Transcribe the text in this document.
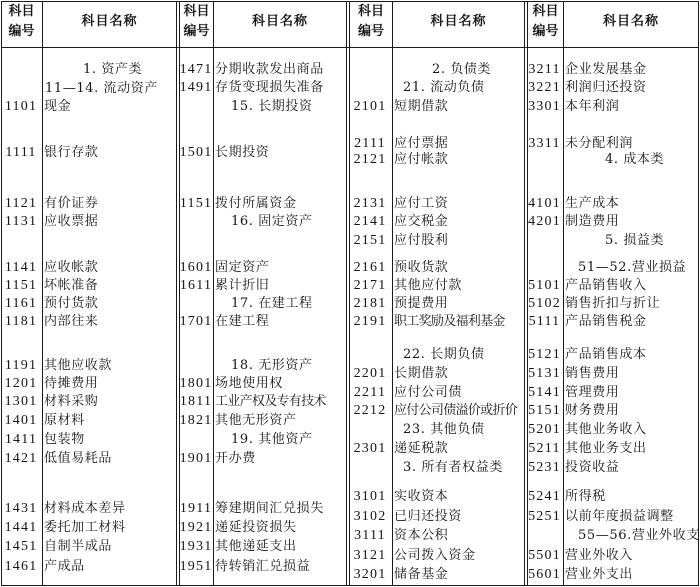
科目
编号
科目名称
科目
编号
科目名称
科目
编号
科目名称
科目
编号
科目名称
1. 资产类
11—14. 流动资产
1101 现金
1111 银行存款
1121 有价证券
1131 应收票据
1141 应收帐款
1151 坏帐准备
1161 预付货款
1181 内部往来
1191 其他应收款
1201 待摊费用
1301 材料采购
1401 原材料
1411 包装物
1421 低值易耗品
1431 材料成本差异
1441 委托加工材料
1451 自制半成品
1461 产成品
1471 分期收款发出商品
1491 存货变现损失准备
15. 长期投资
1501 长期投资
1151 拨付所属资金
16. 固定资产
1601 固定资产
1611 累计折旧
17. 在建工程
1701 在建工程
18. 无形资产
1801 场地使用权
1811 工业产权及专有技术
1821 其他无形资产
19. 其他资产
1901 开办费
1911 筹建期间汇兑损失
1921 递延投资损失
1931 其他递延支出
1951 待转销汇兑损益
2. 负债类
21. 流动负债
2101 短期借款
2111 应付票据
2121 应付帐款
2131 应付工资
2141 应交税金
2151 应付股利
2161 预收货款
2171 其他应付款
2181 预提费用
2191 职工奖励及福利基金
22. 长期负债
2201 长期借款
2211 应付公司债
2212 应付公司债溢价或折价
23. 其他负债
2301 递延税款
3. 所有者权益类
3101 实收资本
3102 已归还投资
3111 资本公积
3121 公司拨入资金
3201 储备基金
3211 企业发展基金
3221 利润归还投资
3301 本年利润
3311 未分配利润
4. 成本类
4101 生产成本
4201 制造费用
5. 损益类
51—52.营业损益
5101 产品销售收入
5102 销售折扣与折让
5111 产品销售税金
5121 产品销售成本
5131 销售费用
5141 管理费用
5151 财务费用
5201 其他业务收入
5211 其他业务支出
5231 投资收益
5241 所得税
5251 以前年度损益调整
55—56.营业外收支
5501 营业外收入
5601 营业外支出
